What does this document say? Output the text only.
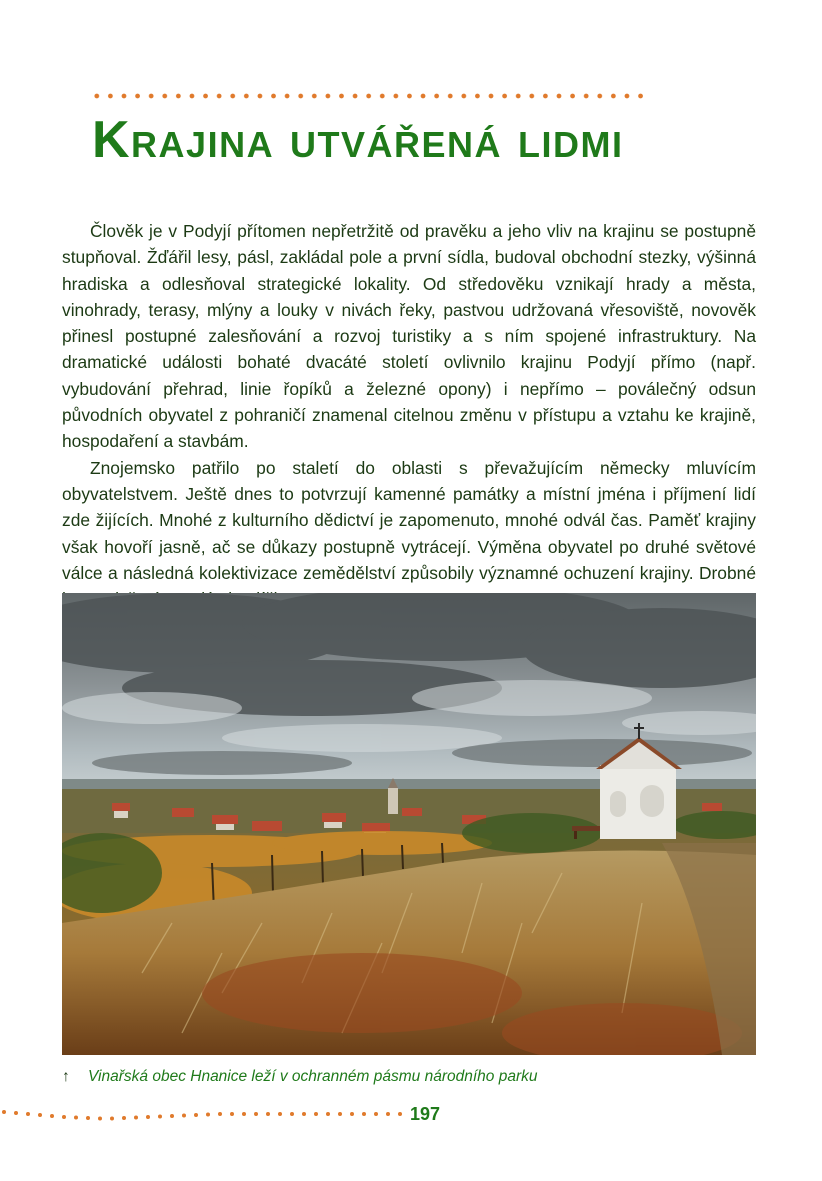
Krajina utvářená lidmi

Člověk je v Podyjí přítomen nepřetržitě od pravěku a jeho vliv na krajinu se postupně stupňoval. Žďářil lesy, pásl, zakládal pole a první sídla, budoval obchodní stezky, výšinná hradiska a odlesňoval strategické lokality. Od středověku vznikají hrady a města, vinohrady, terasy, mlýny a louky v nivách řeky, pastvou udržovaná vřesoviště, novověk přinesl postupné zalesňování a rozvoj turistiky a s ním spojené infrastruktury. Na dramatické události bohaté dvacáté století ovlivnilo krajinu Podyjí přímo (např. vybudování přehrad, linie řopíků a železné opony) i nepřímo – poválečný odsun původních obyvatel z pohraničí znamenal citelnou změnu v přístupu a vztahu ke krajině, hospodaření a stavbám.

Znojemsko patřilo po staletí do oblasti s převažujícím německy mluvícím obyvatelstvem. Ještě dnes to potvrzují kamenné památky a místní jména i příjmení lidí zde žijících. Mnohé z kulturního dědictví je zapomenuto, mnohé odvál čas. Paměť krajiny však hovoří jasně, ač se důkazy postupně vytrácejí. Výměna obyvatel po druhé světové válce a následná kolektivizace zemědělství způsobily významné ochuzení krajiny. Drobné

↑ Vinařská obec Hnanice leží v ochranném pásmu národního parku
197
